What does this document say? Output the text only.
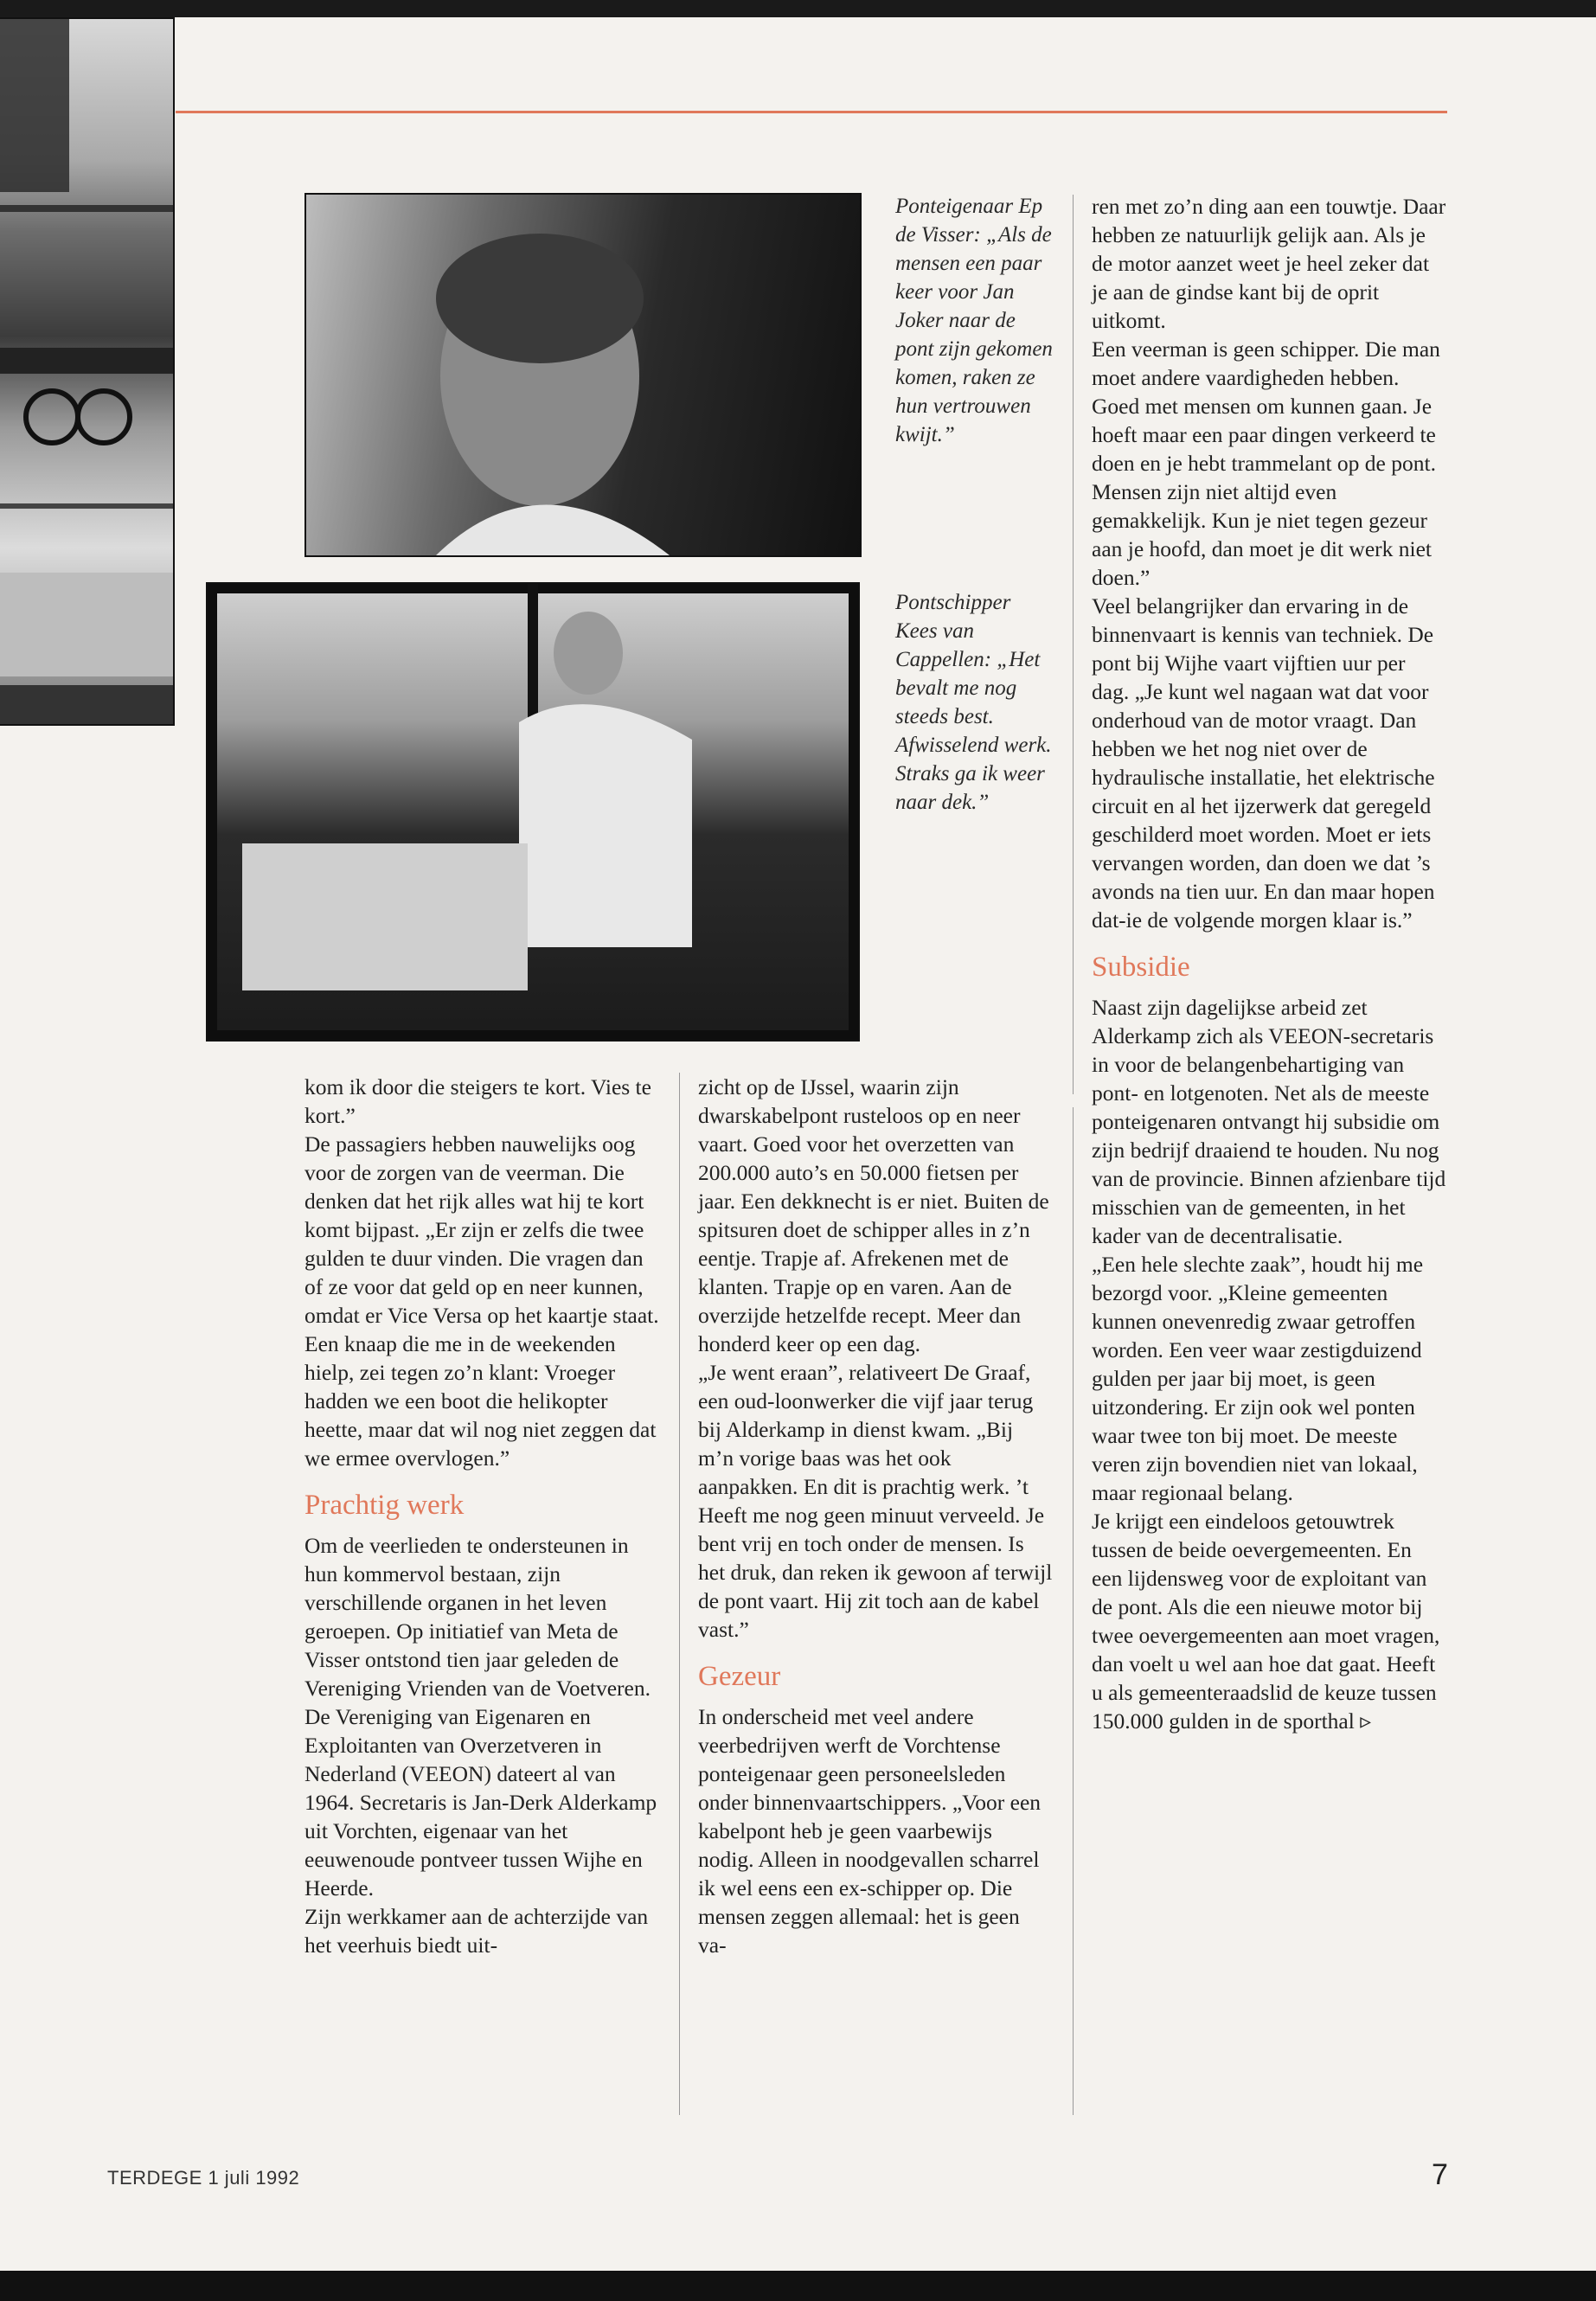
Ponteigenaar Ep de Visser: „Als de mensen een paar keer voor Jan Joker naar de pont zijn gekomen komen, raken ze hun vertrouwen kwijt.”
Pontschipper Kees van Cappellen: „Het bevalt me nog steeds best. Afwisselend werk. Straks ga ik weer naar dek.”

ren met zo’n ding aan een touwtje. Daar hebben ze natuurlijk gelijk aan. Als je de motor aanzet weet je heel zeker dat je aan de gindse kant bij de oprit uitkomt.

Een veerman is geen schipper. Die man moet andere vaardigheden hebben. Goed met mensen om kunnen gaan. Je hoeft maar een paar dingen verkeerd te doen en je hebt trammelant op de pont. Mensen zijn niet altijd even gemakkelijk. Kun je niet tegen gezeur aan je hoofd, dan moet je dit werk niet doen.”

Veel belangrijker dan ervaring in de binnenvaart is kennis van techniek. De pont bij Wijhe vaart vijftien uur per dag. „Je kunt wel nagaan wat dat voor onderhoud van de motor vraagt. Dan hebben we het nog niet over de hydraulische installatie, het elektrische circuit en al het ijzerwerk dat geregeld geschilderd moet worden. Moet er iets vervangen worden, dan doen we dat ’s avonds na tien uur. En dan maar hopen dat-ie de volgende morgen klaar is.”

Subsidie

Naast zijn dagelijkse arbeid zet Alderkamp zich als VEEON-secretaris in voor de belangenbehartiging van pont- en lotgenoten. Net als de meeste ponteigenaren ontvangt hij subsidie om zijn bedrijf draaiend te houden. Nu nog van de provincie. Binnen afzienbare tijd misschien van de gemeenten, in het kader van de decentralisatie.

„Een hele slechte zaak”, houdt hij me bezorgd voor. „Kleine gemeenten kunnen onevenredig zwaar getroffen worden. Een veer waar zestigduizend gulden per jaar bij moet, is geen uitzondering. Er zijn ook wel ponten waar twee ton bij moet. De meeste veren zijn bovendien niet van lokaal, maar regionaal belang.

Je krijgt een eindeloos getouwtrek tussen de beide oevergemeenten. En een lijdensweg voor de exploitant van de pont. Als die een nieuwe motor bij twee oevergemeenten aan moet vragen, dan voelt u wel aan hoe dat gaat. Heeft u als gemeenteraadslid de keuze tussen 150.000 gulden in de sporthal ▹

kom ik door die steigers te kort. Vies te kort.”

De passagiers hebben nauwelijks oog voor de zorgen van de veerman. Die denken dat het rijk alles wat hij te kort komt bijpast. „Er zijn er zelfs die twee gulden te duur vinden. Die vragen dan of ze voor dat geld op en neer kunnen, omdat er Vice Versa op het kaartje staat. Een knaap die me in de weekenden hielp, zei tegen zo’n klant: Vroeger hadden we een boot die helikopter heette, maar dat wil nog niet zeggen dat we ermee overvlogen.”

Prachtig werk

Om de veerlieden te ondersteunen in hun kommervol bestaan, zijn verschillende organen in het leven geroepen. Op initiatief van Meta de Visser ontstond tien jaar geleden de Vereniging Vrienden van de Voetveren. De Vereniging van Eigenaren en Exploitanten van Overzetveren in Nederland (VEEON) dateert al van 1964. Secretaris is Jan-Derk Alderkamp uit Vorchten, eigenaar van het eeuwenoude pontveer tussen Wijhe en Heerde.

Zijn werkkamer aan de achterzijde van het veerhuis biedt uit-

zicht op de IJssel, waarin zijn dwarskabelpont rusteloos op en neer vaart. Goed voor het overzetten van 200.000 auto’s en 50.000 fietsen per jaar. Een dekknecht is er niet. Buiten de spitsuren doet de schipper alles in z’n eentje. Trapje af. Afrekenen met de klanten. Trapje op en varen. Aan de overzijde hetzelfde recept. Meer dan honderd keer op een dag.

„Je went eraan”, relativeert De Graaf, een oud-loonwerker die vijf jaar terug bij Alderkamp in dienst kwam. „Bij m’n vorige baas was het ook aanpakken. En dit is prachtig werk. ’t Heeft me nog geen minuut verveeld. Je bent vrij en toch onder de mensen. Is het druk, dan reken ik gewoon af terwijl de pont vaart. Hij zit toch aan de kabel vast.”

Gezeur

In onderscheid met veel andere veerbedrijven werft de Vorchtense ponteigenaar geen personeelsleden onder binnenvaartschippers. „Voor een kabelpont heb je geen vaarbewijs nodig. Alleen in noodgevallen scharrel ik wel eens een ex-schipper op. Die mensen zeggen allemaal: het is geen va-

TERDEGE 1 juli 1992	7
